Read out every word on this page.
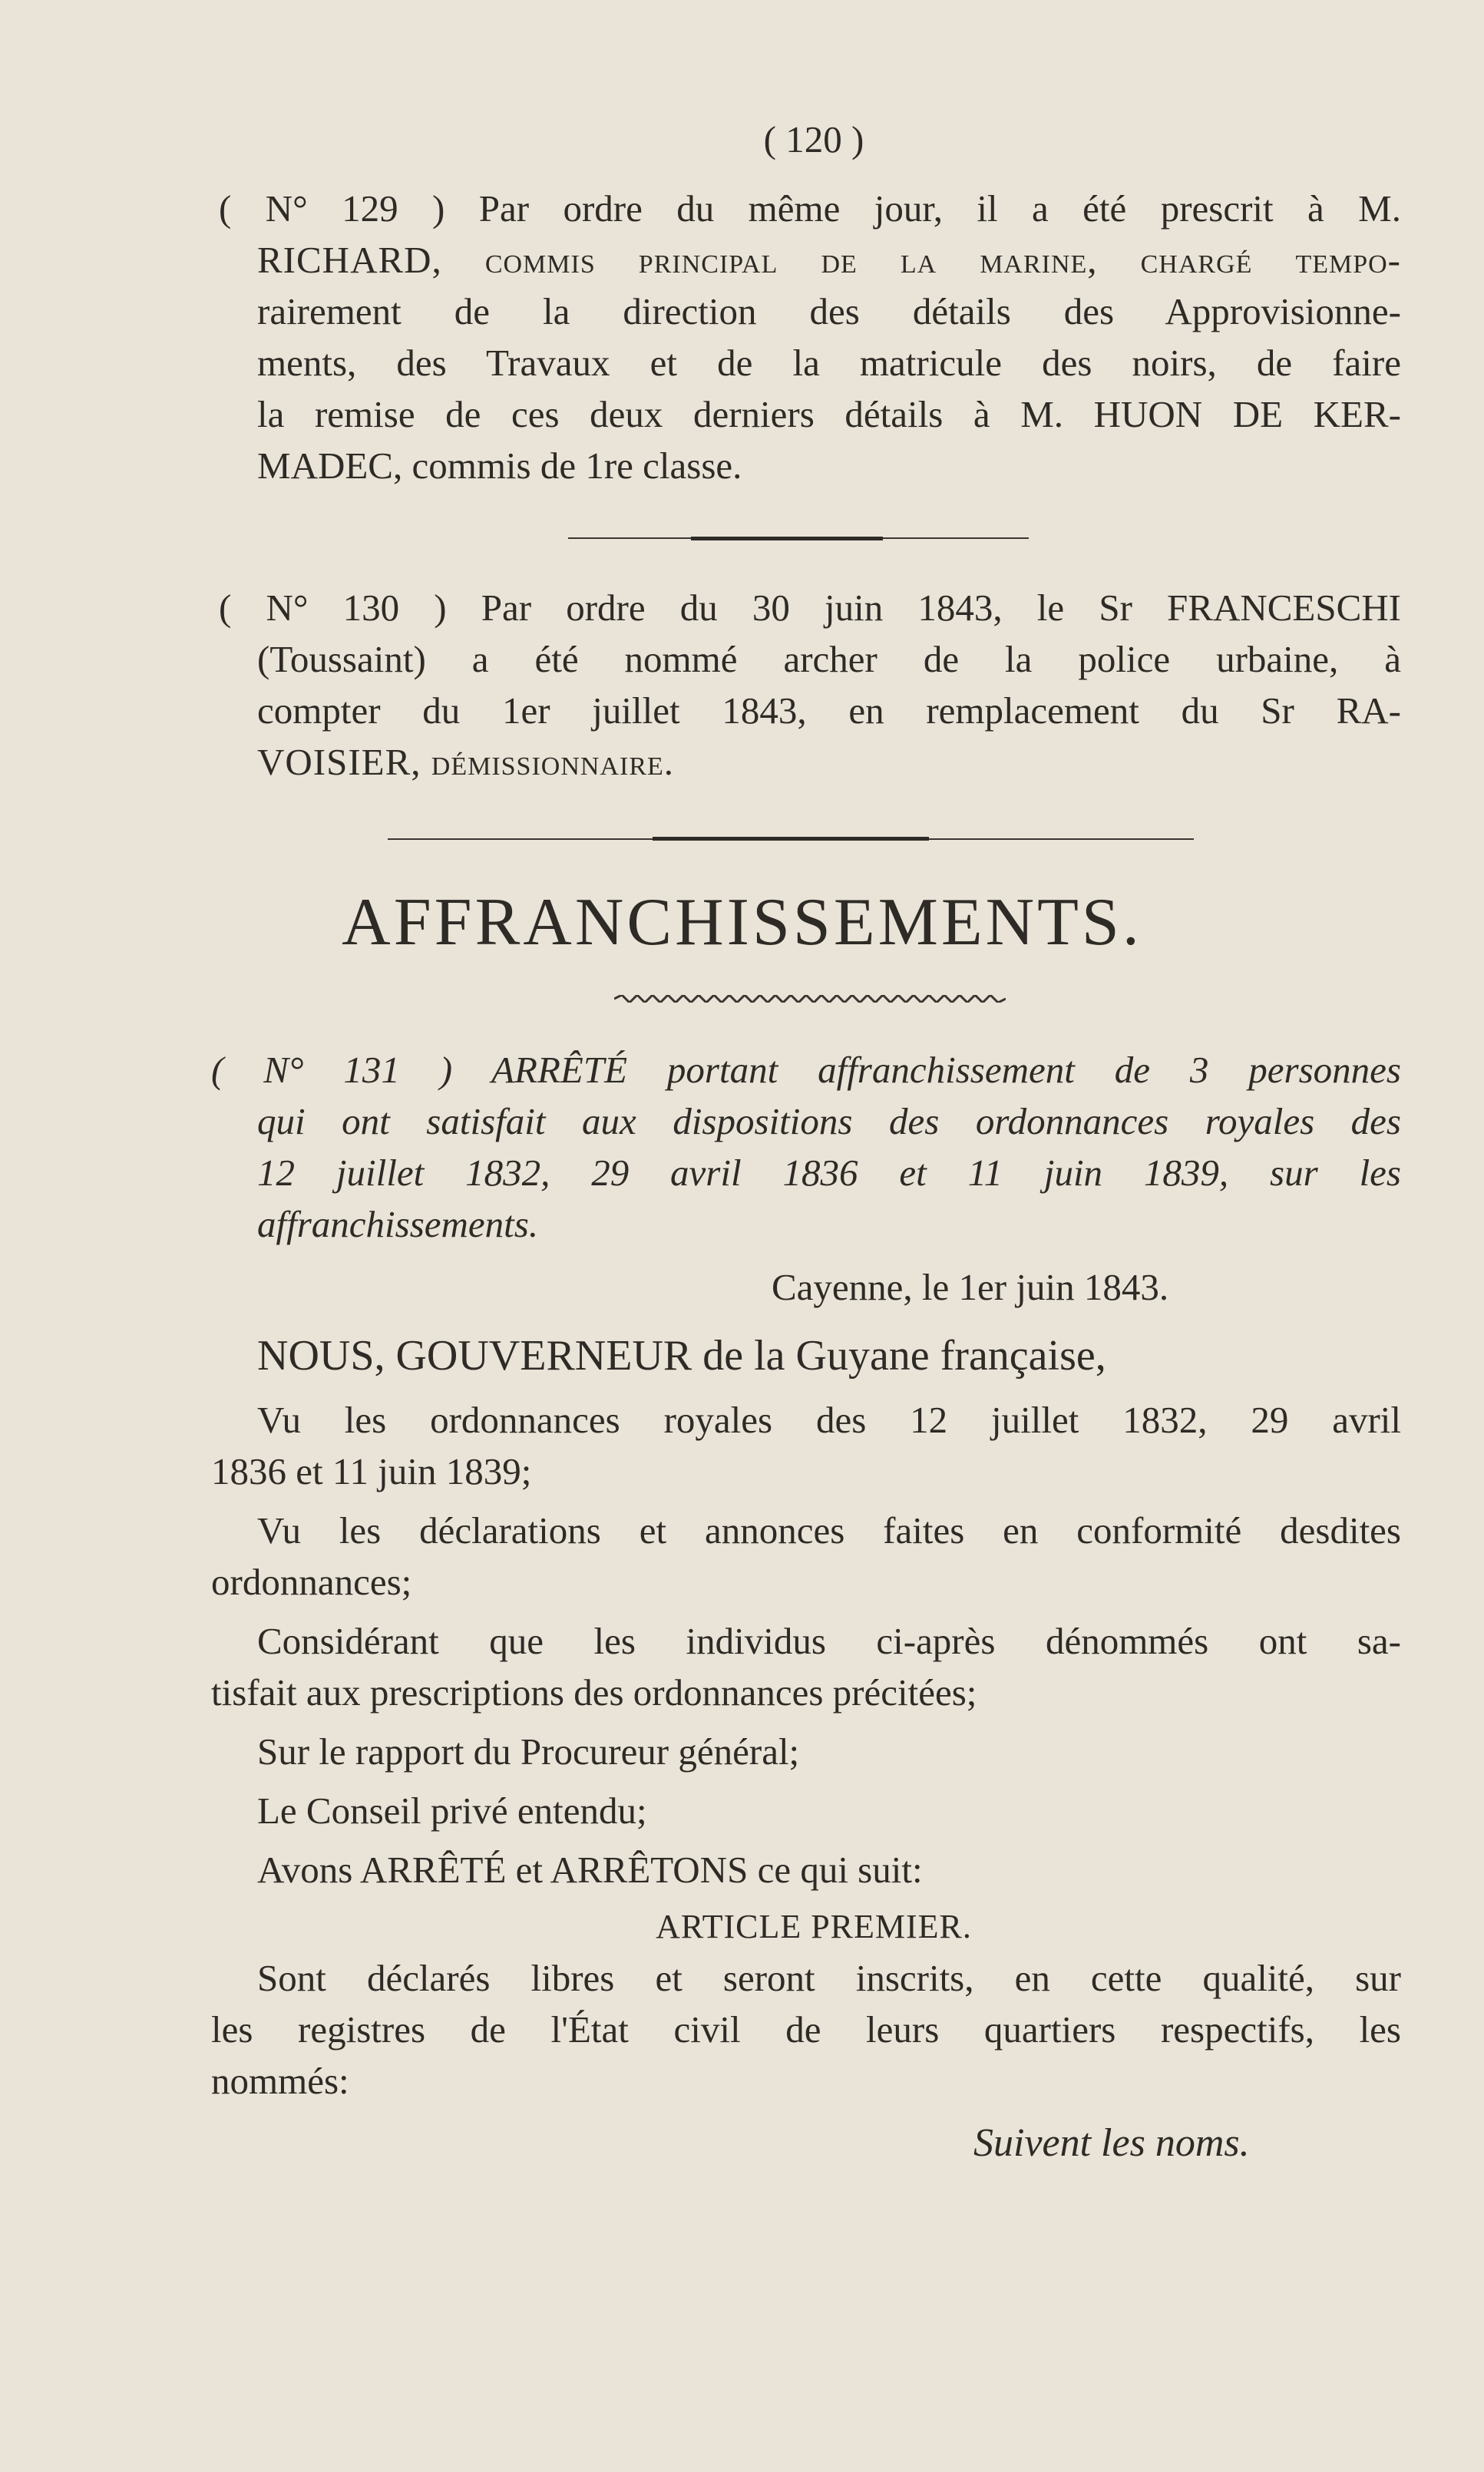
( 120 )
( N° 129 ) Par ordre du même jour, il a été prescrit à M.
RICHARD, commis principal de la marine, chargé tempo-
rairement de la direction des détails des Approvisionne-
ments, des Travaux et de la matricule des noirs, de faire
la remise de ces deux derniers détails à M. HUON DE KER-
MADEC, commis de 1re classe.
( N° 130 ) Par ordre du 30 juin 1843, le Sr FRANCESCHI
(Toussaint) a été nommé archer de la police urbaine, à
compter du 1er juillet 1843, en remplacement du Sr RA-
VOISIER, démissionnaire.
AFFRANCHISSEMENTS.
( N° 131 ) ARRÊTÉ portant affranchissement de 3 personnes
qui ont satisfait aux dispositions des ordonnances royales des
12 juillet 1832, 29 avril 1836 et 11 juin 1839, sur les
affranchissements.
Cayenne, le 1er juin 1843.
NOUS, GOUVERNEUR de la Guyane française,
Vu les ordonnances royales des 12 juillet 1832, 29 avril
1836 et 11 juin 1839;
Vu les déclarations et annonces faites en conformité desdites
ordonnances;
Considérant que les individus ci-après dénommés ont sa-
tisfait aux prescriptions des ordonnances précitées;
Sur le rapport du Procureur général;
Le Conseil privé entendu;
Avons ARRÊTÉ et ARRÊTONS ce qui suit:
ARTICLE PREMIER.
Sont déclarés libres et seront inscrits, en cette qualité, sur
les registres de l'État civil de leurs quartiers respectifs, les
nommés:
Suivent les noms.
